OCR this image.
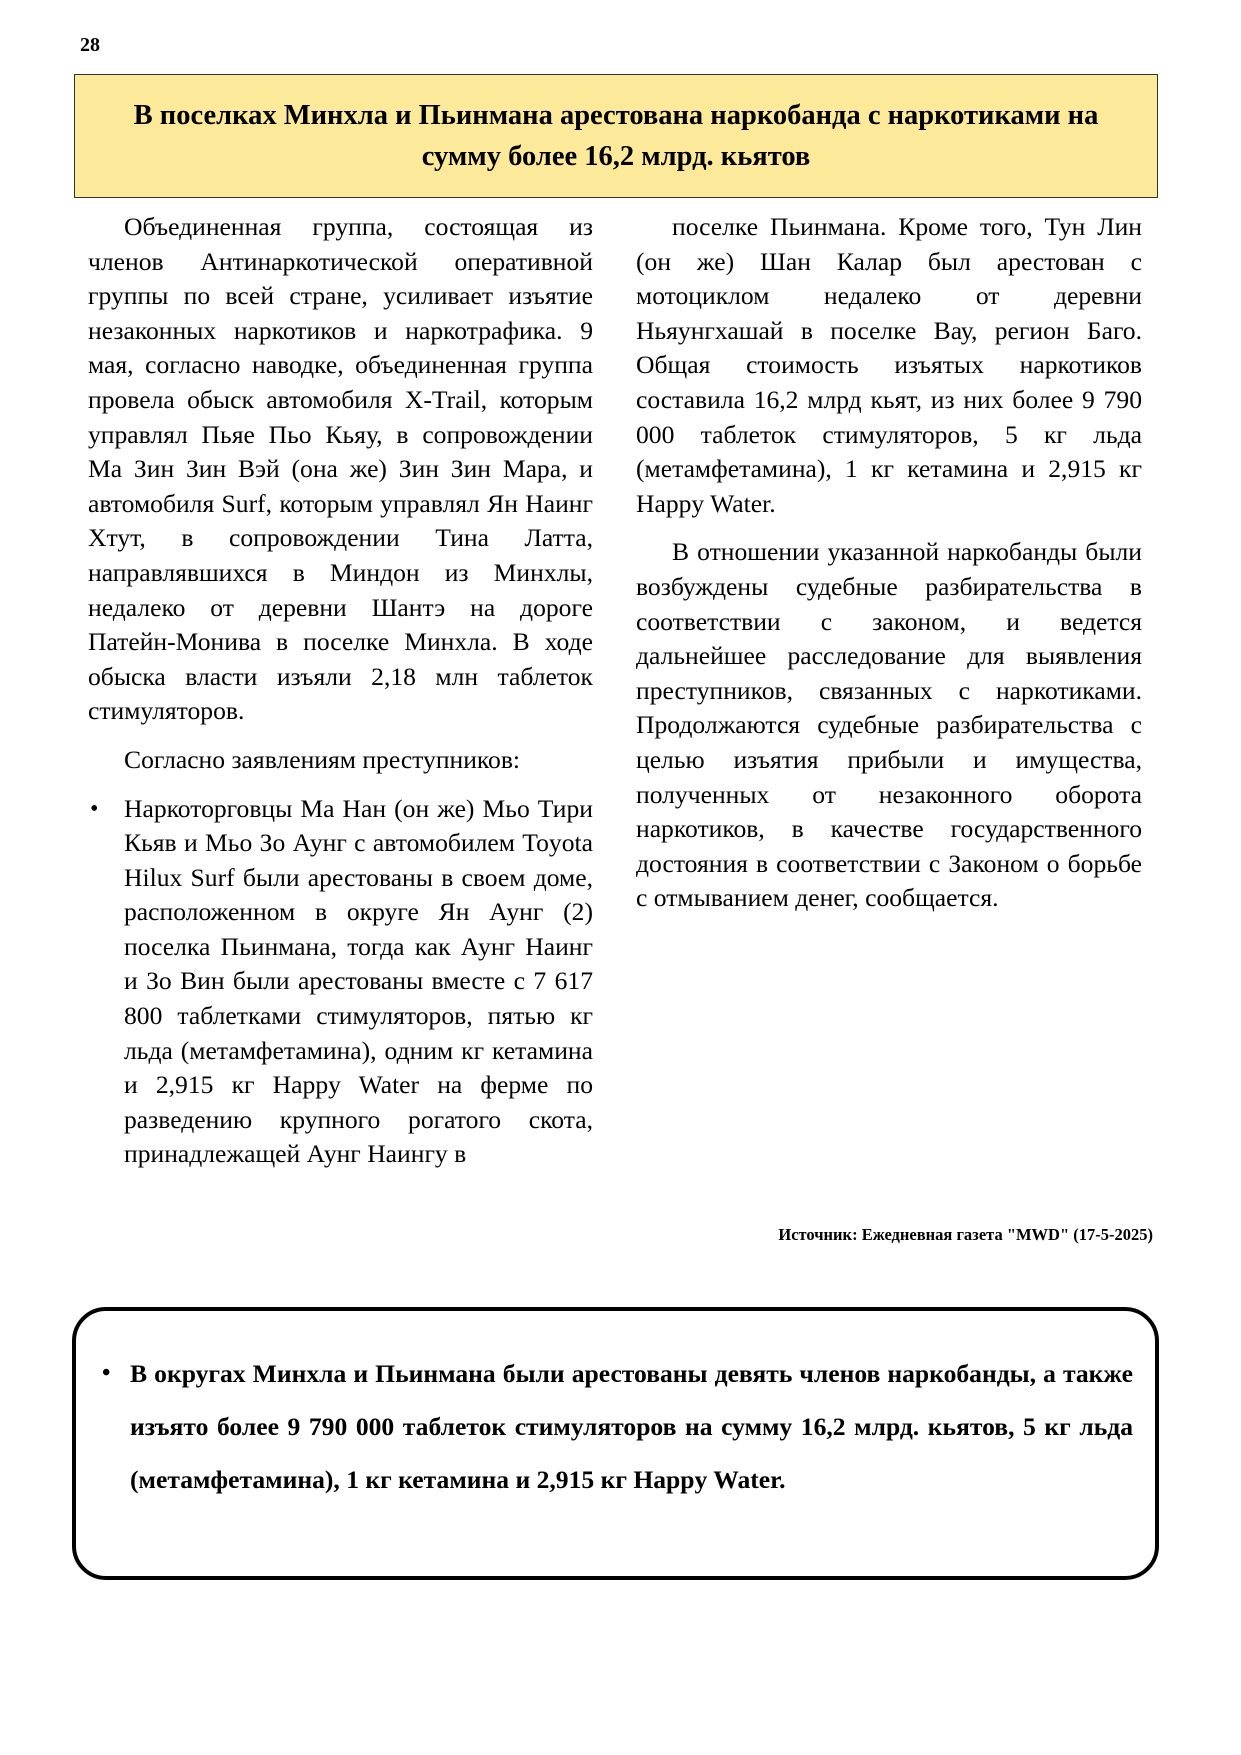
28
В поселках Минхла и Пьинмана арестована наркобанда с наркотиками на сумму более 16,2 млрд. кьятов

Объединенная группа, состоящая из членов Антинаркотической оперативной группы по всей стране, усиливает изъятие незаконных наркотиков и наркотрафика. 9 мая, согласно наводке, объединенная группа провела обыск автомобиля X-Trail, которым управлял Пьяе Пьо Кьяу, в сопровождении Ма Зин Зин Вэй (она же) Зин Зин Мара, и автомобиля Surf, которым управлял Ян Наинг Хтут, в сопровождении Тина Латта, направлявшихся в Миндон из Минхлы, недалеко от деревни Шантэ на дороге Патейн-Монива в поселке Минхла. В ходе обыска власти изъяли 2,18 млн таблеток стимуляторов.

Согласно заявлениям преступников:

• Наркоторговцы Ма Нан (он же) Мьо Тири Кьяв и Мьо Зо Аунг с автомобилем Toyota Hilux Surf были арестованы в своем доме, расположенном в округе Ян Аунг (2) поселка Пьинмана, тогда как Аунг Наинг и Зо Вин были арестованы вместе с 7 617 800 таблетками стимуляторов, пятью кг льда (метамфетамина), одним кг кетамина и 2,915 кг Happy Water на ферме по разведению крупного рогатого скота, принадлежащей Аунг Наингу в

поселке Пьинмана. Кроме того, Тун Лин (он же) Шан Калар был арестован с мотоциклом недалеко от деревни Ньяунгхашай в поселке Вау, регион Баго. Общая стоимость изъятых наркотиков составила 16,2 млрд кьят, из них более 9 790 000 таблеток стимуляторов, 5 кг льда (метамфетамина), 1 кг кетамина и 2,915 кг Happy Water.

В отношении указанной наркобанды были возбуждены судебные разбирательства в соответствии с законом, и ведется дальнейшее расследование для выявления преступников, связанных с наркотиками. Продолжаются судебные разбирательства с целью изъятия прибыли и имущества, полученных от незаконного оборота наркотиков, в качестве государственного достояния в соответствии с Законом о борьбе с отмыванием денег, сообщается.

Источник: Ежедневная газета "MWD" (17-5-2025)
• В округах Минхла и Пьинмана были арестованы девять членов наркобанды, а также изъято более 9 790 000 таблеток стимуляторов на сумму 16,2 млрд. кьятов, 5 кг льда (метамфетамина), 1 кг кетамина и 2,915 кг Happy Water.
